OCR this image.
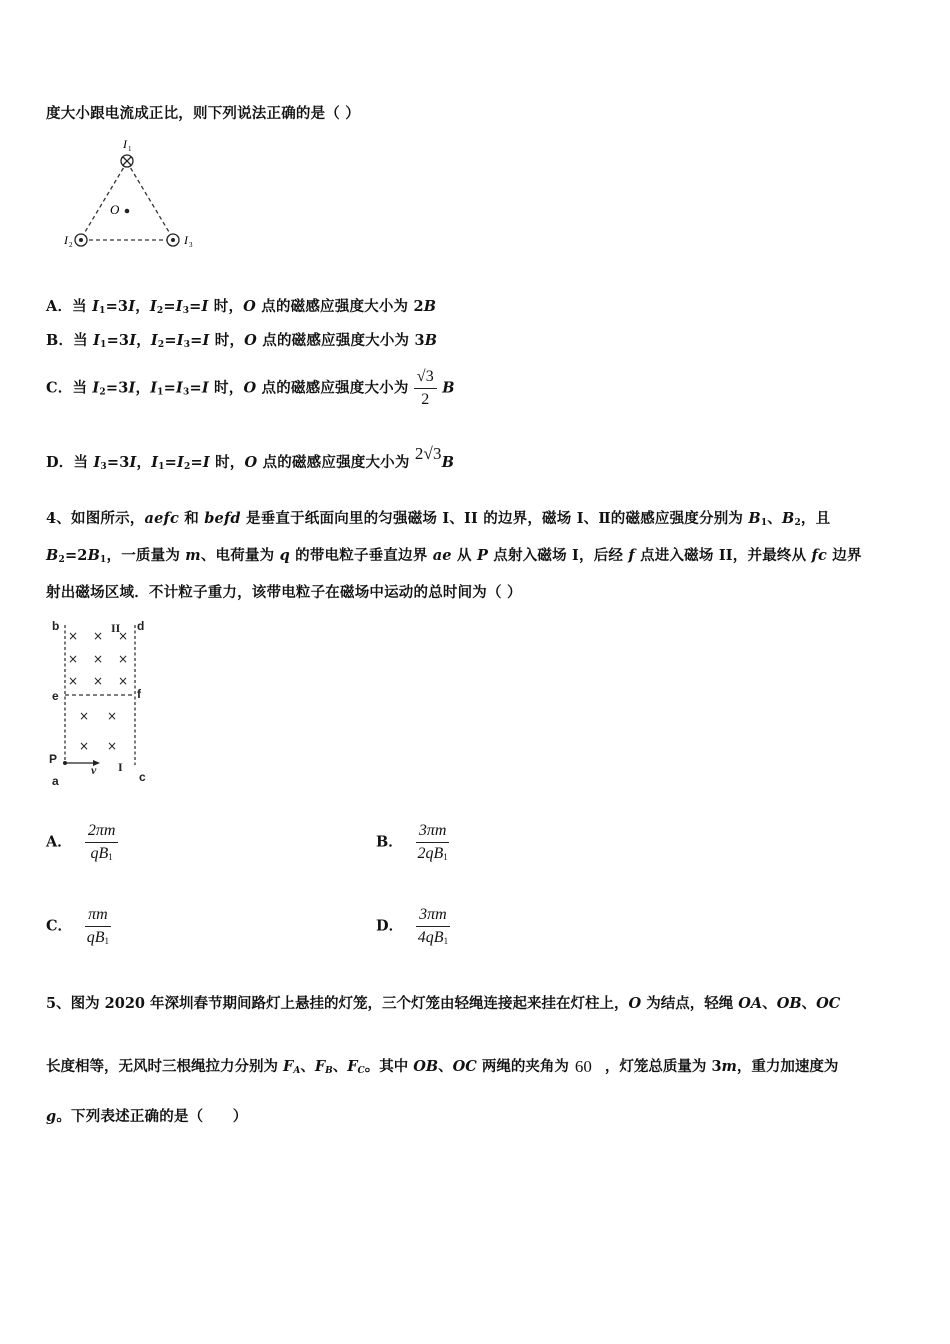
度大小跟电流成正比，则下列说法正确的是（ ）
I 1
I 2	I 3
O
A．当 $I_1=3I$，$I_2=I_3=I$ 时，O 点的磁感应强度大小为 2B
B．当 $I_1=3I$，$I_2=I_3=I$ 时，O 点的磁感应强度大小为 3B
C．当 $I_2=3I$，$I_1=I_3=I$ 时，O 点的磁感应强度大小为 $\frac{√3}{2}$ B
D．当 $I_3=3I$，$I_1=I_2=I$ 时，O 点的磁感应强度大小为 2√3B
4、如图所示，aefc 和 befd 是垂直于纸面向里的匀强磁场 I、II 的边界，磁场 I、Ⅱ的磁感应强度分别为 $B_1$、$B_2$，且
$B_2=2B_1$，一质量为 m、电荷量为 q 的带电粒子垂直边界 ae 从 P 点射入磁场 I，后经 f 点进入磁场 II，并最终从 fc 边界
射出磁场区域．不计粒子重力，该带电粒子在磁场中运动的总时间为（ ）
× × ×
× × ×
× × ×
× ×
× ×
b	d
II
e	f
P
v I
a	c
A． $\frac{2\pi m}{qB_1}$	B． $\frac{3\pi m}{2qB_1}$
C． $\frac{\pi m}{qB_1}$	D． $\frac{3\pi m}{4qB_1}$
5、图为 2020 年深圳春节期间路灯上悬挂的灯笼，三个灯笼由轻绳连接起来挂在灯柱上，O 为结点，轻绳 OA、OB、OC
长度相等，无风时三根绳拉力分别为 $F_A$、$F_B$、$F_C$。其中 OB、OC 两绳的夹角为 60 ，灯笼总质量为 3m，重力加速度为
g。下列表述正确的是（　　）
